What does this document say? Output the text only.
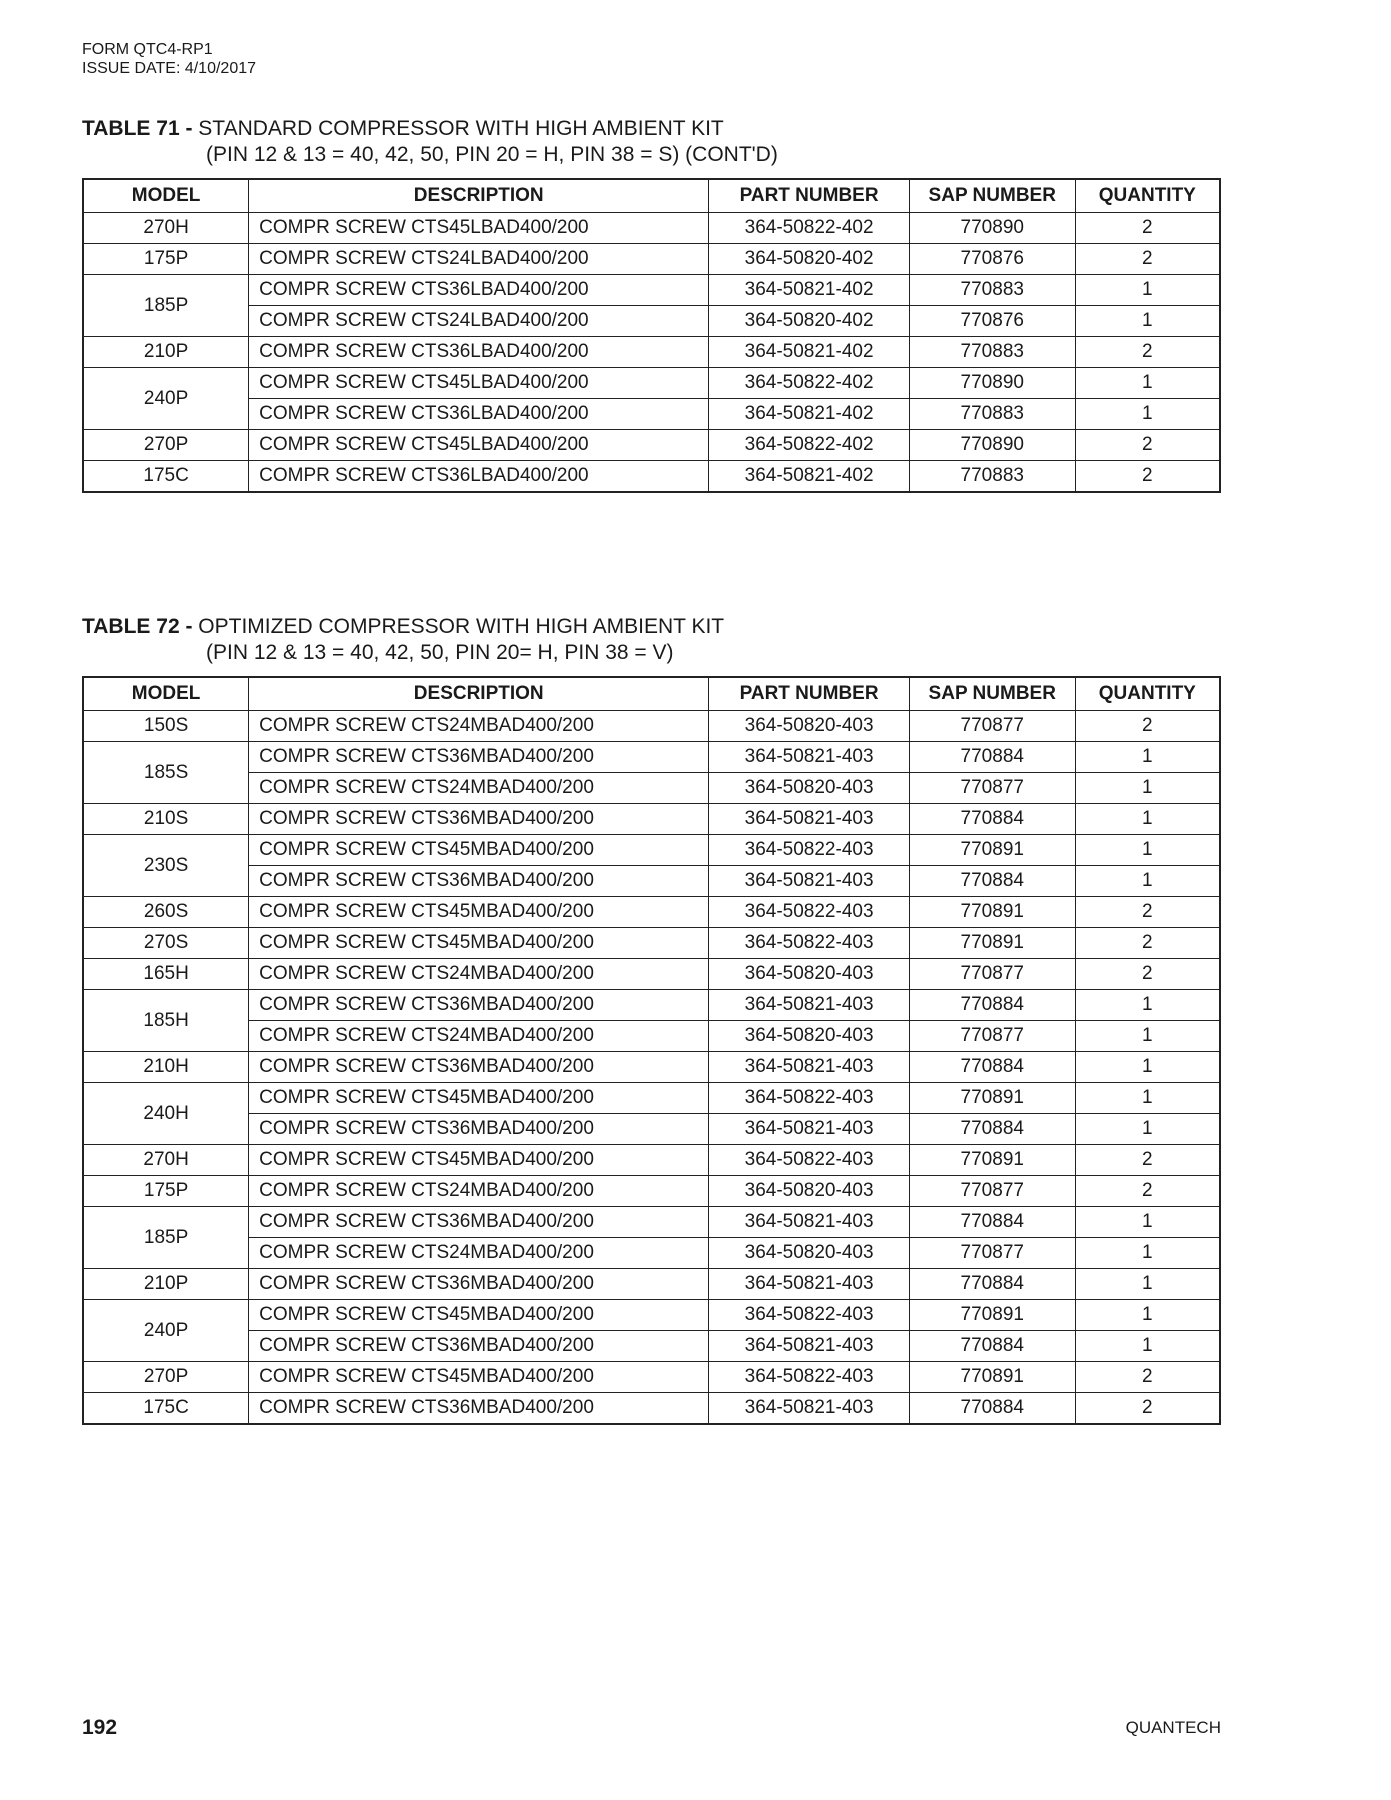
FORM QTC4-RP1
ISSUE DATE: 4/10/2017
TABLE 71 - STANDARD COMPRESSOR WITH HIGH AMBIENT KIT
(PIN 12 & 13 = 40, 42, 50, PIN 20 = H, PIN 38 = S) (CONT'D)
MODEL	DESCRIPTION	PART NUMBER	SAP NUMBER	QUANTITY
270H	COMPR SCREW CTS45LBAD400/200	364-50822-402	770890	2
175P	COMPR SCREW CTS24LBAD400/200	364-50820-402	770876	2
185P	COMPR SCREW CTS36LBAD400/200	364-50821-402	770883	1
	COMPR SCREW CTS24LBAD400/200	364-50820-402	770876	1
210P	COMPR SCREW CTS36LBAD400/200	364-50821-402	770883	2
240P	COMPR SCREW CTS45LBAD400/200	364-50822-402	770890	1
	COMPR SCREW CTS36LBAD400/200	364-50821-402	770883	1
270P	COMPR SCREW CTS45LBAD400/200	364-50822-402	770890	2
175C	COMPR SCREW CTS36LBAD400/200	364-50821-402	770883	2
TABLE 72 - OPTIMIZED COMPRESSOR WITH HIGH AMBIENT KIT
(PIN 12 & 13 = 40, 42, 50, PIN 20= H, PIN 38 = V)
MODEL	DESCRIPTION	PART NUMBER	SAP NUMBER	QUANTITY
150S	COMPR SCREW CTS24MBAD400/200	364-50820-403	770877	2
185S	COMPR SCREW CTS36MBAD400/200	364-50821-403	770884	1
	COMPR SCREW CTS24MBAD400/200	364-50820-403	770877	1
210S	COMPR SCREW CTS36MBAD400/200	364-50821-403	770884	1
230S	COMPR SCREW CTS45MBAD400/200	364-50822-403	770891	1
	COMPR SCREW CTS36MBAD400/200	364-50821-403	770884	1
260S	COMPR SCREW CTS45MBAD400/200	364-50822-403	770891	2
270S	COMPR SCREW CTS45MBAD400/200	364-50822-403	770891	2
165H	COMPR SCREW CTS24MBAD400/200	364-50820-403	770877	2
185H	COMPR SCREW CTS36MBAD400/200	364-50821-403	770884	1
	COMPR SCREW CTS24MBAD400/200	364-50820-403	770877	1
210H	COMPR SCREW CTS36MBAD400/200	364-50821-403	770884	1
240H	COMPR SCREW CTS45MBAD400/200	364-50822-403	770891	1
	COMPR SCREW CTS36MBAD400/200	364-50821-403	770884	1
270H	COMPR SCREW CTS45MBAD400/200	364-50822-403	770891	2
175P	COMPR SCREW CTS24MBAD400/200	364-50820-403	770877	2
185P	COMPR SCREW CTS36MBAD400/200	364-50821-403	770884	1
	COMPR SCREW CTS24MBAD400/200	364-50820-403	770877	1
210P	COMPR SCREW CTS36MBAD400/200	364-50821-403	770884	1
240P	COMPR SCREW CTS45MBAD400/200	364-50822-403	770891	1
	COMPR SCREW CTS36MBAD400/200	364-50821-403	770884	1
270P	COMPR SCREW CTS45MBAD400/200	364-50822-403	770891	2
175C	COMPR SCREW CTS36MBAD400/200	364-50821-403	770884	2
192	QUANTECH
